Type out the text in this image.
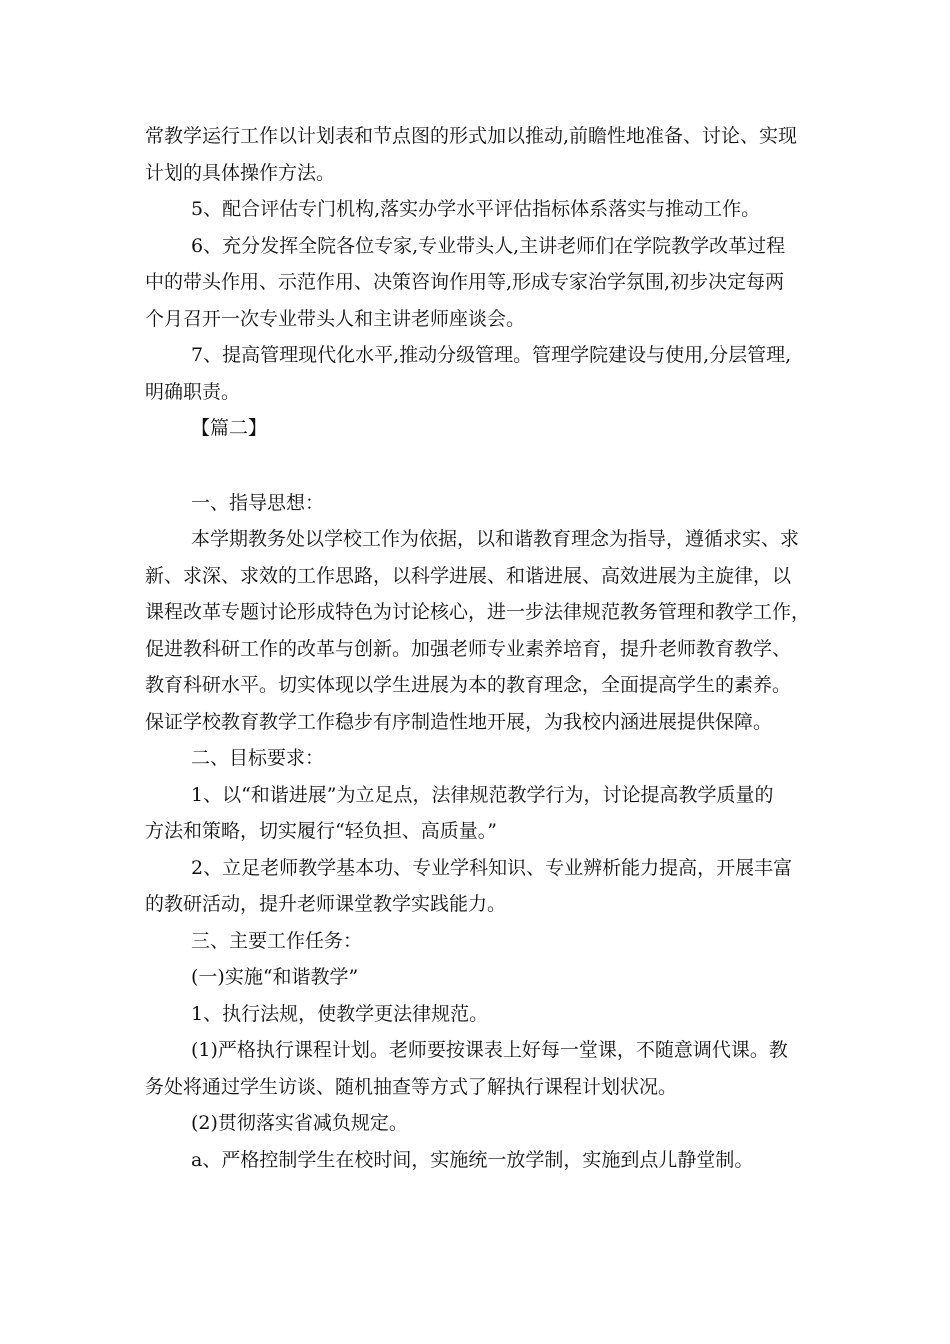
常教学运行工作以计划表和节点图的形式加以推动,前瞻性地准备、讨论、实现

计划的具体操作方法。

5、配合评估专门机构,落实办学水平评估指标体系落实与推动工作。

6、充分发挥全院各位专家,专业带头人,主讲老师们在学院教学改革过程

中的带头作用、示范作用、决策咨询作用等,形成专家治学氛围,初步决定每两

个月召开一次专业带头人和主讲老师座谈会。

7、提高管理现代化水平,推动分级管理。管理学院建设与使用,分层管理,

明确职责。

【篇二】

一、指导思想：

本学期教务处以学校工作为依据，以和谐教育理念为指导，遵循求实、求

新、求深、求效的工作思路，以科学进展、和谐进展、高效进展为主旋律，以

课程改革专题讨论形成特色为讨论核心，进一步法律规范教务管理和教学工作，

促进教科研工作的改革与创新。加强老师专业素养培育，提升老师教育教学、

教育科研水平。切实体现以学生进展为本的教育理念，全面提高学生的素养。

保证学校教育教学工作稳步有序制造性地开展，为我校内涵进展提供保障。

二、目标要求：

1、以“和谐进展”为立足点，法律规范教学行为，讨论提高教学质量的

方法和策略，切实履行“轻负担、高质量。”

2、立足老师教学基本功、专业学科知识、专业辨析能力提高，开展丰富

的教研活动，提升老师课堂教学实践能力。

三、主要工作任务：

(一)实施“和谐教学”

1、执行法规，使教学更法律规范。

(1)严格执行课程计划。老师要按课表上好每一堂课，不随意调代课。教

务处将通过学生访谈、随机抽查等方式了解执行课程计划状况。

(2)贯彻落实省减负规定。

a、严格控制学生在校时间，实施统一放学制，实施到点儿静堂制。
